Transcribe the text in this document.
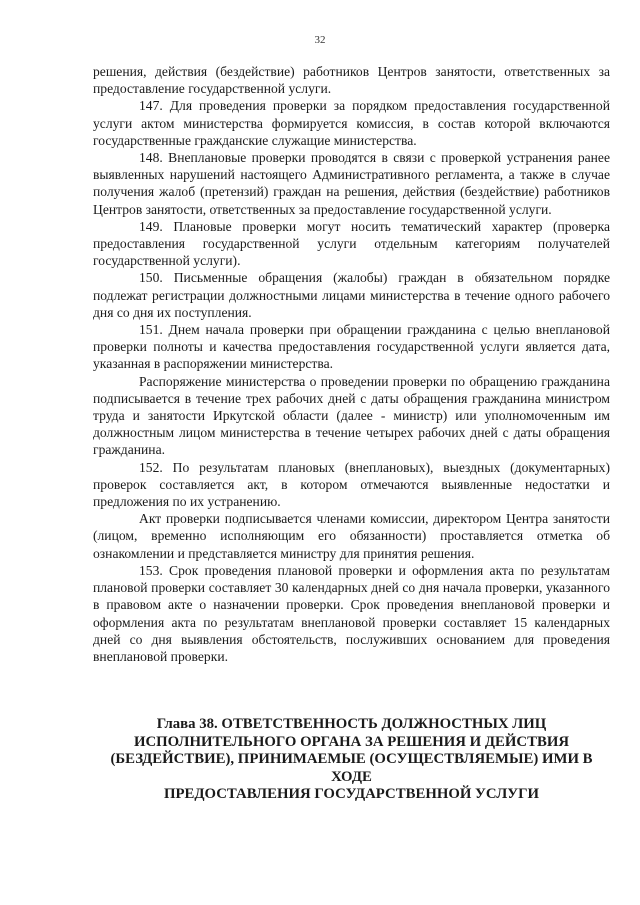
32

решения, действия (бездействие) работников Центров занятости, ответственных за предоставление государственной услуги.

147. Для проведения проверки за порядком предоставления государственной услуги актом министерства формируется комиссия, в состав которой включаются государственные гражданские служащие министерства.

148. Внеплановые проверки проводятся в связи с проверкой устранения ранее выявленных нарушений настоящего Административного регламента, а также в случае получения жалоб (претензий) граждан на решения, действия (бездействие) работников Центров занятости, ответственных за предоставление государственной услуги.

149. Плановые проверки могут носить тематический характер (проверка предоставления государственной услуги отдельным категориям получателей государственной услуги).

150. Письменные обращения (жалобы) граждан в обязательном порядке подлежат регистрации должностными лицами министерства в течение одного рабочего дня со дня их поступления.

151. Днем начала проверки при обращении гражданина с целью внеплановой проверки полноты и качества предоставления государственной услуги является дата, указанная в распоряжении министерства.

Распоряжение министерства о проведении проверки по обращению гражданина подписывается в течение трех рабочих дней с даты обращения гражданина министром труда и занятости Иркутской области (далее - министр) или уполномоченным им должностным лицом министерства в течение четырех рабочих дней с даты обращения гражданина.

152. По результатам плановых (внеплановых), выездных (документарных) проверок составляется акт, в котором отмечаются выявленные недостатки и предложения по их устранению.

Акт проверки подписывается членами комиссии, директором Центра занятости (лицом, временно исполняющим его обязанности) проставляется отметка об ознакомлении и представляется министру для принятия решения.

153. Срок проведения плановой проверки и оформления акта по результатам плановой проверки составляет 30 календарных дней со дня начала проверки, указанного в правовом акте о назначении проверки. Срок проведения внеплановой проверки и оформления акта по результатам внеплановой проверки составляет 15 календарных дней со дня выявления обстоятельств, послуживших основанием для проведения внеплановой проверки.

Глава 38. ОТВЕТСТВЕННОСТЬ ДОЛЖНОСТНЫХ ЛИЦ
ИСПОЛНИТЕЛЬНОГО ОРГАНА ЗА РЕШЕНИЯ И ДЕЙСТВИЯ
(БЕЗДЕЙСТВИЕ), ПРИНИМАЕМЫЕ (ОСУЩЕСТВЛЯЕМЫЕ) ИМИ В ХОДЕ
ПРЕДОСТАВЛЕНИЯ ГОСУДАРСТВЕННОЙ УСЛУГИ
